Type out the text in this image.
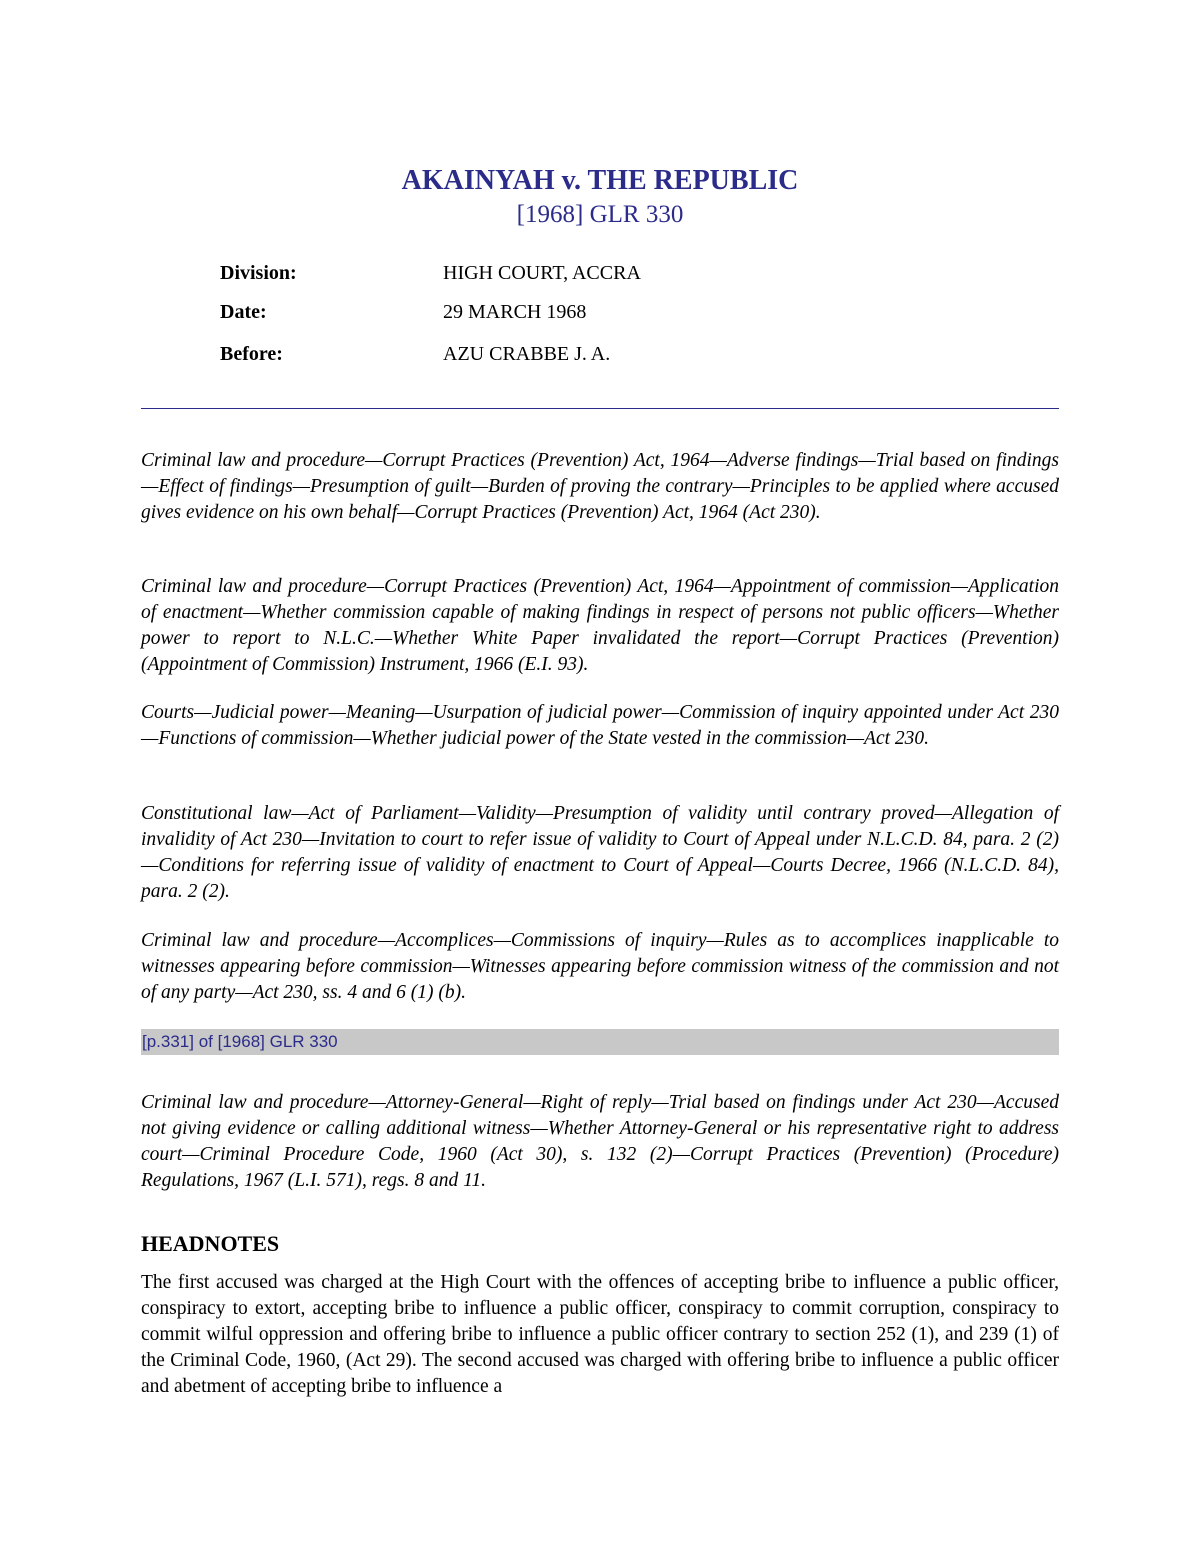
AKAINYAH v. THE REPUBLIC
[1968] GLR 330
Division:	HIGH COURT, ACCRA
Date:	29 MARCH 1968
Before:	AZU CRABBE J. A.

Criminal law and procedure—Corrupt Practices (Prevention) Act, 1964—Adverse findings—Trial based on findings—Effect of findings—Presumption of guilt—Burden of proving the contrary—Principles to be applied where accused gives evidence on his own behalf—Corrupt Practices (Prevention) Act, 1964 (Act 230).

Criminal law and procedure—Corrupt Practices (Prevention) Act, 1964—Appointment of commission—Application of enactment—Whether commission capable of making findings in respect of persons not public officers—Whether power to report to N.L.C.—Whether White Paper invalidated the report—Corrupt Practices (Prevention) (Appointment of Commission) Instrument, 1966 (E.I. 93).

Courts—Judicial power—Meaning—Usurpation of judicial power—Commission of inquiry appointed under Act 230—Functions of commission—Whether judicial power of the State vested in the commission—Act 230.

Constitutional law—Act of Parliament—Validity—Presumption of validity until contrary proved—Allegation of invalidity of Act 230—Invitation to court to refer issue of validity to Court of Appeal under N.L.C.D. 84, para. 2 (2)—Conditions for referring issue of validity of enactment to Court of Appeal—Courts Decree, 1966 (N.L.C.D. 84), para. 2 (2).

Criminal law and procedure—Accomplices—Commissions of inquiry—Rules as to accomplices inapplicable to witnesses appearing before commission—Witnesses appearing before commission witness of the commission and not of any party—Act 230, ss. 4 and 6 (1) (b).

[p.331] of [1968] GLR 330

Criminal law and procedure—Attorney-General—Right of reply—Trial based on findings under Act 230—Accused not giving evidence or calling additional witness—Whether Attorney-General or his representative right to address court—Criminal Procedure Code, 1960 (Act 30), s. 132 (2)—Corrupt Practices (Prevention) (Procedure) Regulations, 1967 (L.I. 571), regs. 8 and 11.

HEADNOTES

The first accused was charged at the High Court with the offences of accepting bribe to influence a public officer, conspiracy to extort, accepting bribe to influence a public officer, conspiracy to commit corruption, conspiracy to commit wilful oppression and offering bribe to influence a public officer contrary to section 252 (1), and 239 (1) of the Criminal Code, 1960, (Act 29). The second accused was charged with offering bribe to influence a public officer and abetment of accepting bribe to influence a
